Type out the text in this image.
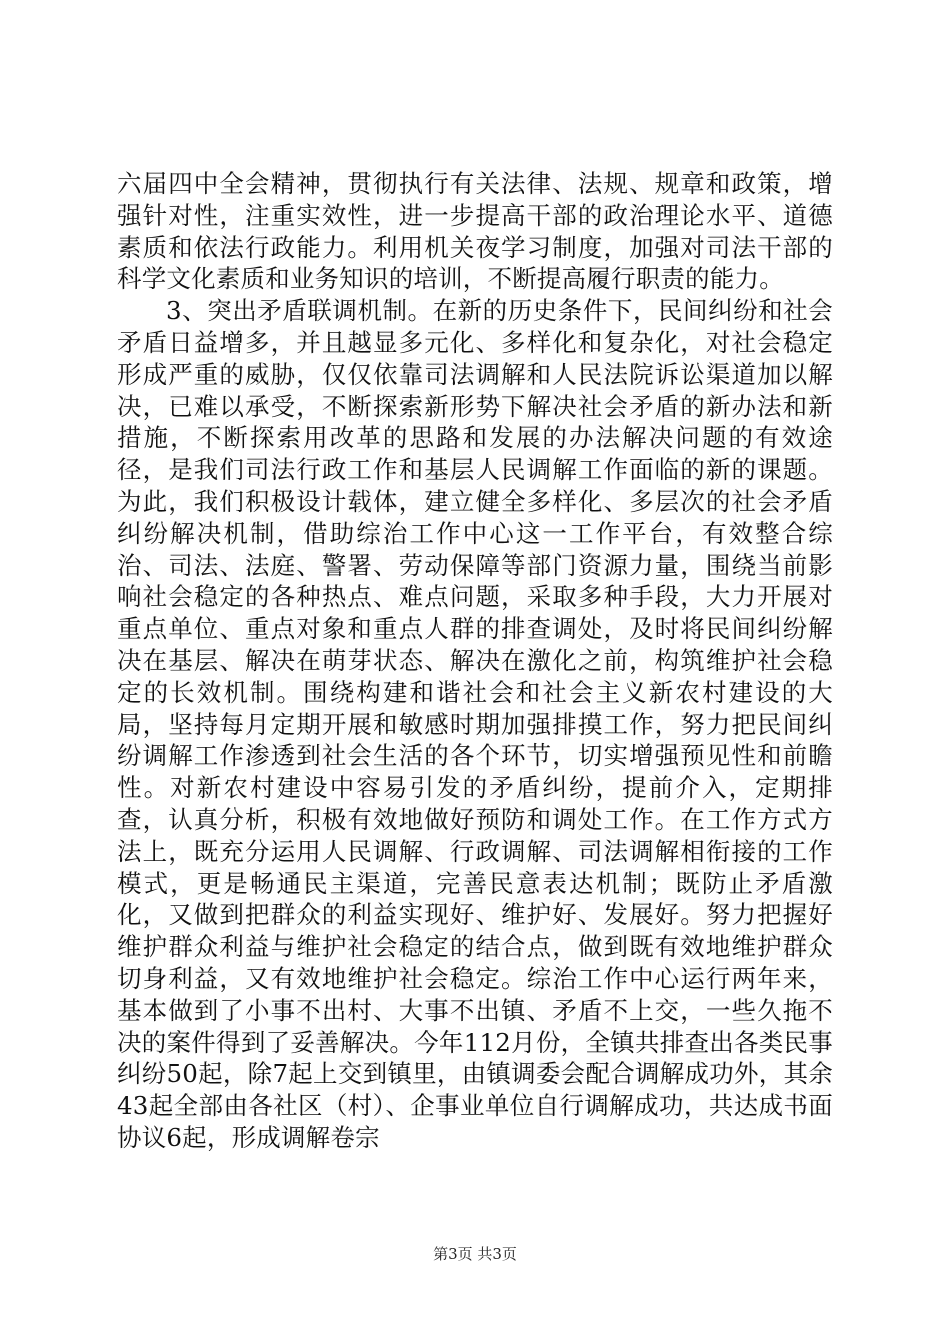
六届四中全会精神，贯彻执行有关法律、法规、规章和政策，增强针对性，注重实效性，进一步提高干部的政治理论水平、道德素质和依法行政能力。利用机关夜学习制度，加强对司法干部的科学文化素质和业务知识的培训，不断提高履行职责的能力。

3、突出矛盾联调机制。在新的历史条件下，民间纠纷和社会矛盾日益增多，并且越显多元化、多样化和复杂化，对社会稳定形成严重的威胁，仅仅依靠司法调解和人民法院诉讼渠道加以解决，已难以承受，不断探索新形势下解决社会矛盾的新办法和新措施，不断探索用改革的思路和发展的办法解决问题的有效途径，是我们司法行政工作和基层人民调解工作面临的新的课题。为此，我们积极设计载体，建立健全多样化、多层次的社会矛盾纠纷解决机制，借助综治工作中心这一工作平台，有效整合综治、司法、法庭、警署、劳动保障等部门资源力量，围绕当前影响社会稳定的各种热点、难点问题，采取多种手段，大力开展对重点单位、重点对象和重点人群的排查调处，及时将民间纠纷解决在基层、解决在萌芽状态、解决在激化之前，构筑维护社会稳定的长效机制。围绕构建和谐社会和社会主义新农村建设的大局，坚持每月定期开展和敏感时期加强排摸工作，努力把民间纠纷调解工作渗透到社会生活的各个环节，切实增强预见性和前瞻性。对新农村建设中容易引发的矛盾纠纷，提前介入，定期排查，认真分析，积极有效地做好预防和调处工作。在工作方式方法上，既充分运用人民调解、行政调解、司法调解相衔接的工作模式，更是畅通民主渠道，完善民意表达机制；既防止矛盾激化，又做到把群众的利益实现好、维护好、发展好。努力把握好维护群众利益与维护社会稳定的结合点，做到既有效地维护群众切身利益，又有效地维护社会稳定。综治工作中心运行两年来，基本做到了小事不出村、大事不出镇、矛盾不上交，一些久拖不决的案件得到了妥善解决。今年112月份，全镇共排查出各类民事纠纷50起，除7起上交到镇里，由镇调委会配合调解成功外，其余43起全部由各社区（村）、企事业单位自行调解成功，共达成书面协议6起，形成调解卷宗

第3页 共3页
